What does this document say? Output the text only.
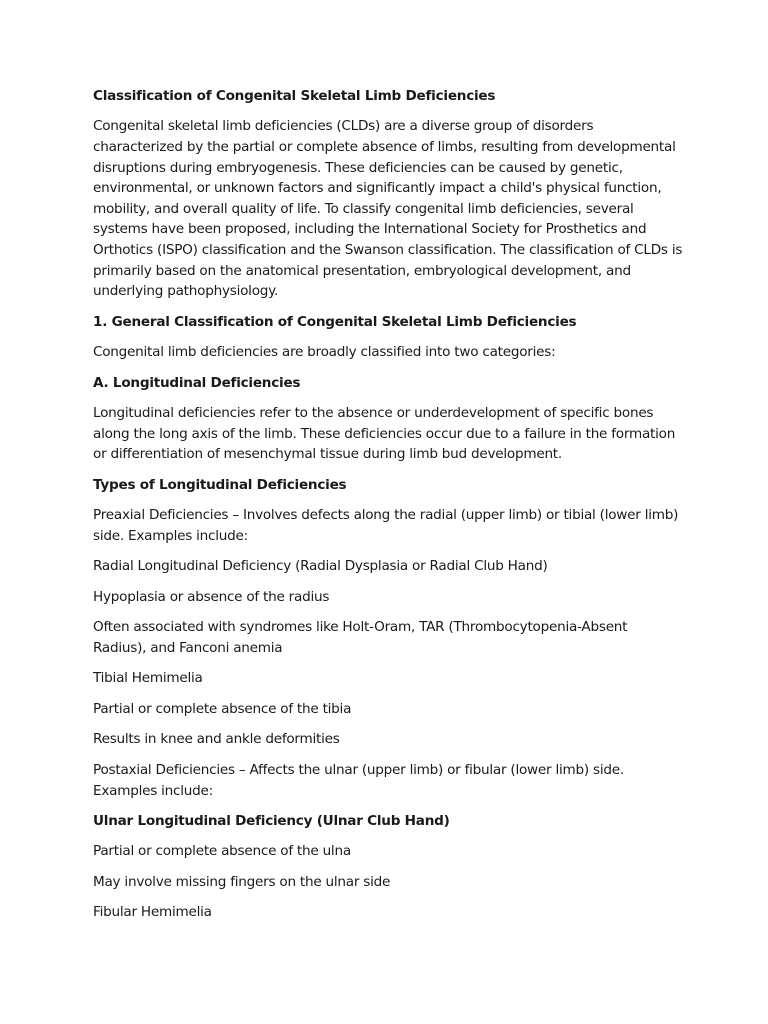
Classification of Congenital Skeletal Limb Deficiencies

Congenital skeletal limb deficiencies (CLDs) are a diverse group of disorders characterized by the partial or complete absence of limbs, resulting from developmental disruptions during embryogenesis. These deficiencies can be caused by genetic, environmental, or unknown factors and significantly impact a child's physical function, mobility, and overall quality of life. To classify congenital limb deficiencies, several systems have been proposed, including the International Society for Prosthetics and Orthotics (ISPO) classification and the Swanson classification. The classification of CLDs is primarily based on the anatomical presentation, embryological development, and underlying pathophysiology.

1. General Classification of Congenital Skeletal Limb Deficiencies

Congenital limb deficiencies are broadly classified into two categories:

A. Longitudinal Deficiencies

Longitudinal deficiencies refer to the absence or underdevelopment of specific bones along the long axis of the limb. These deficiencies occur due to a failure in the formation or differentiation of mesenchymal tissue during limb bud development.

Types of Longitudinal Deficiencies

Preaxial Deficiencies – Involves defects along the radial (upper limb) or tibial (lower limb) side. Examples include:

Radial Longitudinal Deficiency (Radial Dysplasia or Radial Club Hand)

Hypoplasia or absence of the radius

Often associated with syndromes like Holt-Oram, TAR (Thrombocytopenia-Absent Radius), and Fanconi anemia

Tibial Hemimelia

Partial or complete absence of the tibia

Results in knee and ankle deformities

Postaxial Deficiencies – Affects the ulnar (upper limb) or fibular (lower limb) side. Examples include:

Ulnar Longitudinal Deficiency (Ulnar Club Hand)

Partial or complete absence of the ulna

May involve missing fingers on the ulnar side

Fibular Hemimelia
